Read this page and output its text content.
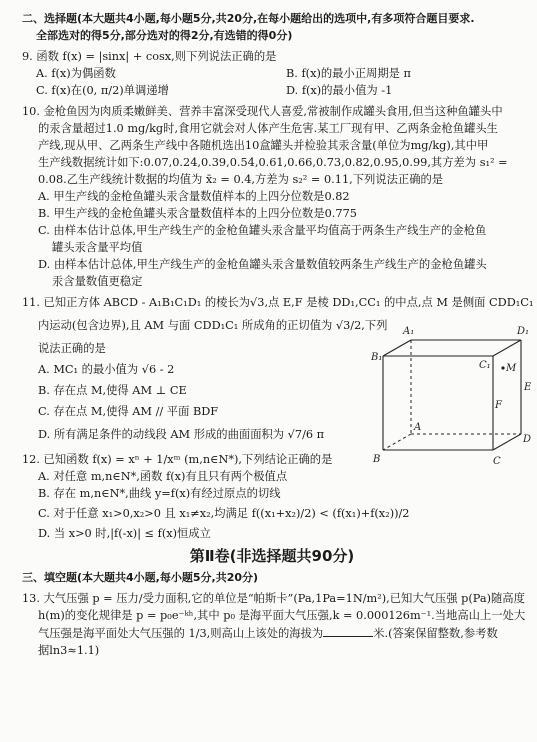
二、选择题(本大题共4小题,每小题5分,共20分,在每小题给出的选项中,有多项符合题目要求.
全部选对的得5分,部分选对的得2分,有选错的得0分)
9. 函数 f(x) = |sinx| + cosx,则下列说法正确的是
A. f(x)为偶函数	B. f(x)的最小正周期是 π
C. f(x)在(0, π/2)单调递增	D. f(x)的最小值为 -1
10. 金枪鱼因为肉质柔嫩鲜美、营养丰富深受现代人喜爱,常被制作成罐头食用,但当这种鱼罐头中
的汞含量超过1.0 mg/kg时,食用它就会对人体产生危害.某工厂现有甲、乙两条金枪鱼罐头生
产线,现从甲、乙两条生产线中各随机选出10盒罐头并检验其汞含量(单位为mg/kg),其中甲
生产线数据统计如下:0.07,0.24,0.39,0.54,0.61,0.66,0.73,0.82,0.95,0.99,其方差为 s₁² =
0.08.乙生产线统计数据的均值为 x̄₂ = 0.4,方差为 s₂² = 0.11,下列说法正确的是
A. 甲生产线的金枪鱼罐头汞含量数值样本的上四分位数是0.82
B. 甲生产线的金枪鱼罐头汞含量数值样本的上四分位数是0.775
C. 由样本估计总体,甲生产线生产的金枪鱼罐头汞含量平均值高于两条生产线生产的金枪鱼
罐头汞含量平均值
D. 由样本估计总体,甲生产线生产的金枪鱼罐头汞含量数值较两条生产线生产的金枪鱼罐头
汞含量数值更稳定
11. 已知正方体 ABCD - A₁B₁C₁D₁ 的棱长为√3,点 E,F 是棱 DD₁,CC₁ 的中点,点 M 是侧面 CDD₁C₁
内运动(包含边界),且 AM 与面 CDD₁C₁ 所成角的正切值为 √3/2,下列
说法正确的是
A. MC₁ 的最小值为 √6 - 2
B. 存在点 M,使得 AM ⊥ CE
C. 存在点 M,使得 AM // 平面 BDF
D. 所有满足条件的动线段 AM 形成的曲面面积为 √7/6 π
12. 已知函数 f(x) = xⁿ + 1/xᵐ (m,n∈N*),下列结论正确的是
A. 对任意 m,n∈N*,函数 f(x)有且只有两个极值点
B. 存在 m,n∈N*,曲线 y=f(x)有经过原点的切线
C. 对于任意 x₁>0,x₂>0 且 x₁≠x₂,均满足 f((x₁+x₂)/2) < (f(x₁)+f(x₂))/2
D. 当 x>0 时,|f(-x)| ≤ f(x)恒成立
第Ⅱ卷(非选择题共90分)
三、填空题(本大题共4小题,每小题5分,共20分)
13. 大气压强 p = 压力/受力面积,它的单位是“帕斯卡”(Pa,1Pa=1N/m²),已知大气压强 p(Pa)随高度
h(m)的变化规律是 p = p₀e⁻ᵏʰ,其中 p₀ 是海平面大气压强,k = 0.000126m⁻¹.当地高山上一处大
气压强是海平面处大气压强的 1/3,则高山上该处的海拔为	米.(答案保留整数,参考数
据ln3≈1.1)
A₁	D₁
B₁
C₁ M
E
A
F
D
B	C
